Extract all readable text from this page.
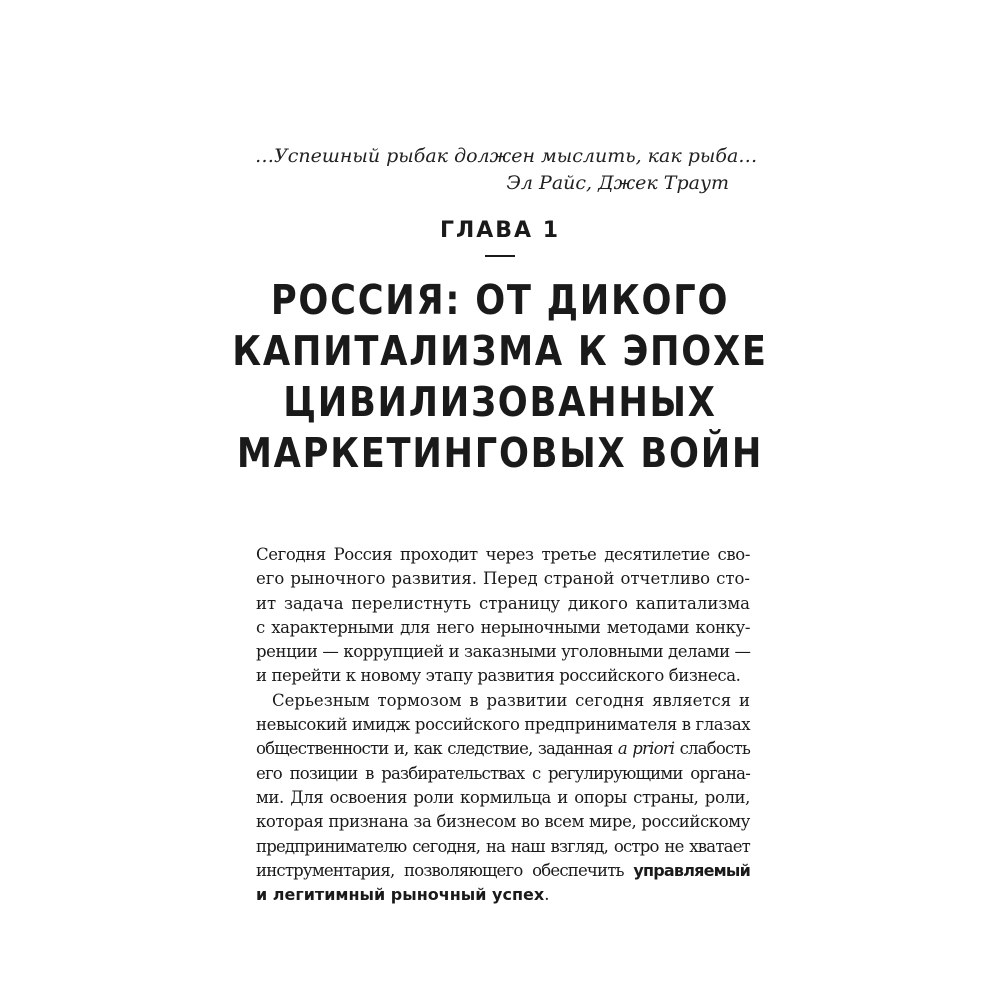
…Успешный рыбак должен мыслить, как рыба…
Эл Райс, Джек Траут
ГЛАВА 1
РОССИЯ: ОТ ДИКОГО
КАПИТАЛИЗМА К ЭПОХЕ
ЦИВИЛИЗОВАННЫХ
МАРКЕТИНГОВЫХ ВОЙН
Сегодня Россия проходит через третье десятилетие сво-
его рыночного развития. Перед страной отчетливо сто-
ит задача перелистнуть страницу дикого капитализма
с характерными для него нерыночными методами конку-
ренции — коррупцией и заказными уголовными делами —
и перейти к новому этапу развития российского бизнеса.
Серьезным тормозом в развитии сегодня является и
невысокий имидж российского предпринимателя в глазах
общественности и, как следствие, заданная a priori слабость
его позиции в разбирательствах с регулирующими органа-
ми. Для освоения роли кормильца и опоры страны, роли,
которая признана за бизнесом во всем мире, российскому
предпринимателю сегодня, на наш взгляд, остро не хватает
инструментария, позволяющего обеспечить управляемый
и легитимный рыночный успех.
